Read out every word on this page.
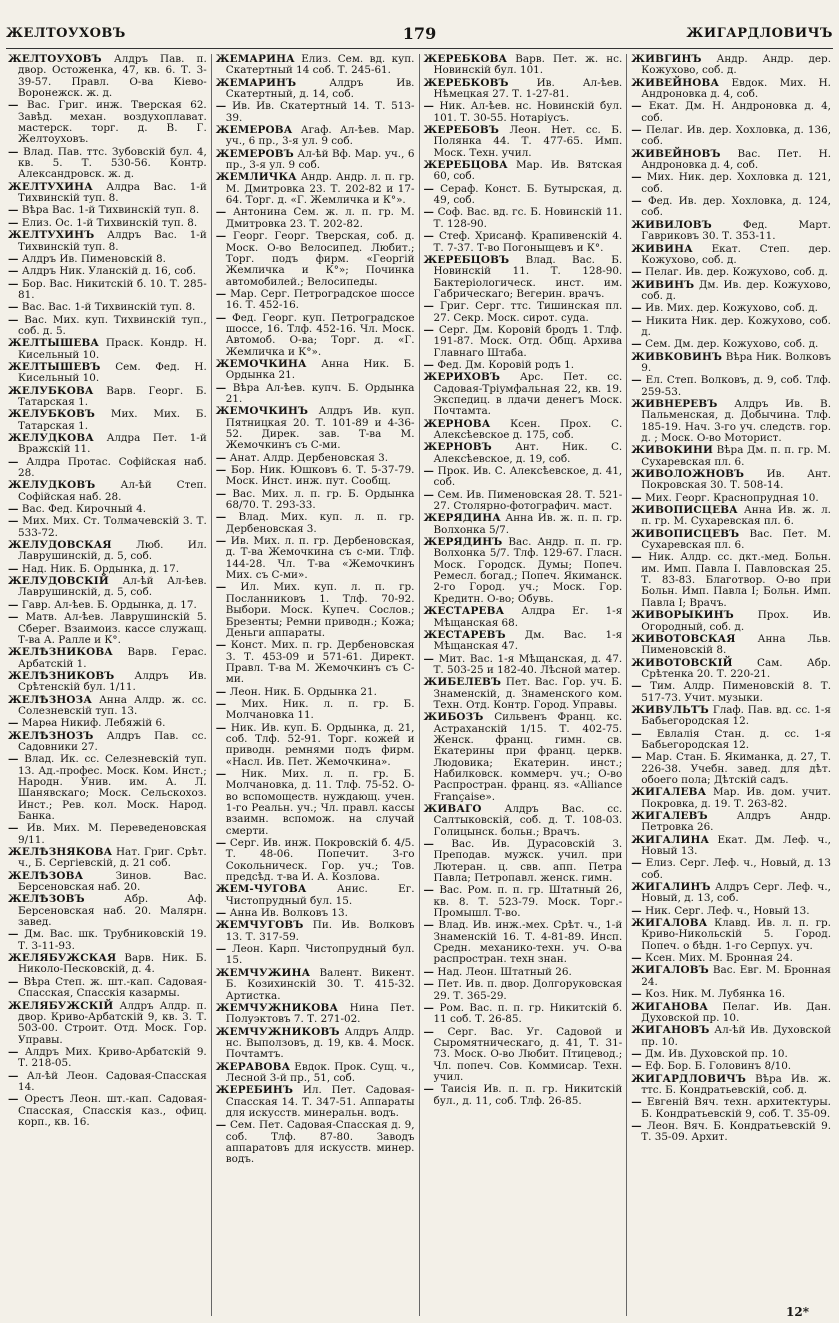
ЖЕЛТОУХОВЪ	179	ЖИГАРДЛОВИЧЪ
ЖЕЛТОУХОВЪ Алдръ Пав. п. двор. Остоженка, 47, кв. 6. Т. 3-39-57. Правл. О-ва Кіево-Воронежск. ж. д.
— Вас. Григ. инж. Тверская 62. Завѣд. механ. воздухоплават. мастерск. торг. д. В. Г. Желтоуховъ.
— Влад. Пав. ттс. Зубовскій бул. 4, кв. 5. Т. 530-56. Контр. Александровск. ж. д.
ЖЕЛТУХИНА Алдра Вас. 1-й Тихвинскій туп. 8.
— Вѣра Вас. 1-й Тихвинскій туп. 8.
— Елиз. Ос. 1-й Тихвинскій туп. 8.
ЖЕЛТУХИНЪ Алдръ Вас. 1-й Тихвинскій туп. 8.
— Алдръ Ив. Пименовскій 8.
— Алдръ Ник. Уланскій д. 16, соб.
— Бор. Вас. Никитскій б. 10. Т. 285-81.
— Вас. Вас. 1-й Тихвинскій туп. 8.
— Вас. Мих. куп. Тихвинскій туп., соб. д. 5.
ЖЕЛТЫШЕВА Праск. Кондр. Н. Кисельный 10.
ЖЕЛТЫШЕВЪ Сем. Фед. Н. Кисельный 10.
ЖЕЛУБКОВА Варв. Георг. Б. Татарская 1.
ЖЕЛУБКОВЪ Мих. Мих. Б. Татарская 1.
ЖЕЛУДКОВА Алдра Пет. 1-й Вражскій 11.
— Алдра Протас. Софійская наб. 28.
ЖЕЛУДКОВЪ Ал-ѣй Степ. Софійская наб. 28.
— Вас. Фед. Кирочный 4.
— Мих. Мих. Ст. Толмачевскій 3. Т. 533-72.
ЖЕЛУДОВСКАЯ Люб. Ил. Лаврушинскій, д. 5, соб.
— Над. Ник. Б. Ордынка, д. 17.
ЖЕЛУДОВСКІЙ Ал-ѣй Ал-ѣев. Лаврушинскій, д. 5, соб.
— Гавр. Ал-ѣев. Б. Ордынка, д. 17.
— Матв. Ал-ѣев. Лаврушинскій 5. Сберег. Взаимоиз. кассе служащ. Т-ва А. Ралле и К°.
ЖЕЛѢЗНИКОВА Варв. Герас. Арбатскій 1.
ЖЕЛѢЗНИКОВЪ Алдръ Ив. Срѣтенскій бул. 1/11.
ЖЕЛѢЗНОЗА Анна Алдр. ж. сс. Солезневскій туп. 13.
— Марѳа Никиф. Лебяжій 6.
ЖЕЛѢЗНОЗЪ Алдръ Пав. сс. Садовники 27.
— Влад. Ик. сс. Селезневскій туп. 13. Ад.-профес. Моск. Ком. Инст.; Народн. Унив. им. А. Л. Шанявскаго; Моск. Сельскохоз. Инст.; Рев. кол. Моск. Народ. Банка.
— Ив. Мих. М. Переведеновская 9/11.
ЖЕЛѢЗНЯКОВА Нат. Григ. Срѣт. ч., Б. Сергіевскій, д. 21 соб.
ЖЕЛѢЗОВА	Зинов. Вас. Берсеновская наб. 20.
ЖЕЛѢЗОВЪ	Абр. Аф. Берсеновская наб. 20. Малярн. завед.
— Дм. Вас. шк. Трубниковскій 19. Т. 3-11-93.
ЖЕЛЯБУЖСКАЯ Варв. Ник. Б. Николо-Песковскій, д. 4.
— Вѣра Степ. ж. шт.-кап. Садовая-Спасская, Спасскія казармы.
ЖЕЛЯБУЖСКІЙ Алдръ Алдр. п. двор. Криво-Арбатскій 9, кв. 3. Т. 503-00. Строит. Отд. Моск. Гор. Управы.
— Алдръ Мих. Криво-Арбатскій 9. Т. 218-05.
— Ал-ѣй Леон. Садовая-Спасская 14.
— Орестъ Леон. шт.-кап. Садовая-Спасская, Спасскія каз., офиц. корп., кв. 16.
ЖЕМАРИНА Елиз. Сем. вд. куп. Скатертный 14 соб. Т. 245-61.
ЖЕМАРИНЪ	Алдръ Ив. Скатертный, д. 14, соб.
— Ив. Ив. Скатертный 14. Т. 513-39.
ЖЕМЕРОВА Агаф. Ал-ѣев. Мар. уч., 6 пр., 3-я ул. 9 соб.
ЖЕМЕРОВЪ Ал-ѣй Вф. Мар. уч., 6 пр., 3-я ул. 9 соб.
ЖЕМЛИЧКА Андр. Андр. л. п. гр. М. Дмитровка 23. Т. 202-82 и 17-64. Торг. д. «Г. Жемличка и К°».
— Антонина Сем. ж. л. п. гр. М. Дмитровка 23. Т. 202-82.
— Георг. Георг. Тверская, соб. д. Моск. О-во Велосипед. Любит.; Торг. подъ фирм. «Георгій Жемличка и К°»; Починка автомобилей.; Велосипеды.
— Мар. Серг. Петроградское шоссе 16. Т. 452-16.
— Фед. Георг. куп. Петроградское шоссе, 16. Тлф. 452-16. Чл. Моск. Автомоб. О-ва; Торг. д. «Г. Жемличка и К°».
ЖЕМОЧКИНА Анна Ник. Б. Ордынка 21.
— Вѣра Ал-ѣев. купч. Б. Ордынка 21.
ЖЕМОЧКИНЪ Алдръ Ив. куп. Пятницкая 20. Т. 101-89 и 4-36-52. Дирек. зав. Т-ва М. Жемочкинъ съ С-ми.
— Анат. Алдр. Дербеновская 3.
— Бор. Ник. Юшковъ 6. Т. 5-37-79. Моск. Инст. инж. пут. Сообщ.
— Вас. Мих. л. п. гр. Б. Ордынка 68/70. Т. 293-33.
— Влад. Мих. куп. л. п. гр. Дербеновская 3.
— Ив. Мих. л. п. гр. Дербеновская, д. Т-ва Жемочкина съ с-ми. Тлф. 144-28. Чл. Т-ва «Жемочкинъ Мих. съ С-ми».
— Ил. Мих. куп. л. п. гр. Посланниковъ 1. Тлф. 70-92. Выбори. Моск. Купеч. Сослов.; Брезенты; Ремни приводн.; Кожа; Деньги аппараты.
— Конст. Мих. п. гр. Дербеновская 3. Т. 453-09 и 571-61. Директ. Правл. Т-ва М. Жемочкинъ съ С-ми.
— Леон. Ник. Б. Ордынка 21.
— Мих. Ник. л. п. гр. Б. Молчановка 11.
— Ник. Ив. куп. Б. Ордынка, д. 21, соб. Тлф. 52-91. Торг. кожей и приводн. ремнями подъ фирм. «Насл. Ив. Пет. Жемочкина».
— Ник. Мих. л. п. гр. Б. Молчановка, д. 11. Тлф. 75-52. О-во вспомоществ. нуждающ. учен. 1-го Реальн. уч.; Чл. правл. кассы взаимн. вспомож. на случай смерти.
— Серг. Ив. инж. Покровскій б. 4/5. Т. 48-06. Попечит. 3-го Сокольническ. Гор. уч.; Тов. предсѣд. т-ва И. А. Козлова.
ЖЕМ-ЧУГОВА	Анис. Ег. Чистопрудный бул. 15.
— Анна Ив. Волковъ 13.
ЖЕМЧУГОВЪ Пи. Ив. Волковъ 13. Т. 317-59.
— Леон. Карп. Чистопрудный бул. 15.
ЖЕМЧУЖИНА Валент. Викент. Б. Козихинскій 30. Т. 415-32. Артистка.
ЖЕМЧУЖНИКОВА Нина Пет. Полуэктовъ 7. Т. 271-02.
ЖЕМЧУЖНИКОВЪ Алдръ Алдр. нс. Выползовъ, д. 19, кв. 4. Моск. Почтамтъ.
ЖЕРАВОВА Евдок. Прок. Сущ. ч., Лесной 3-й пр., 51, соб.
ЖЕРЕБИНЪ Ил. Пет. Садовая-Спасская 14. Т. 347-51. Аппараты для искусств. минеральн. водъ.
— Сем. Пет. Садовая-Спасская д. 9, соб. Тлф. 87-80. Заводъ аппаратовъ для искусств. минер. водъ.
ЖЕРЕБКОВА Варв. Пет. ж. нс. Новинскій бул. 101.
ЖЕРЕБКОВЪ	Ив. Ал-ѣев. Нѣмецкая 27. Т. 1-27-81.
— Ник. Ал-ѣев. нс. Новинскій бул. 101. Т. 30-55. Нотаріусъ.
ЖЕРЕБОВЪ Леон. Нет. сс. Б. Полянка 44. Т. 477-65. Имп. Моск. Техн. учил.
ЖЕРЕБЦОВА Мар. Ив. Вятская 60, соб.
— Сераф. Конст. Б. Бутырская, д. 49, соб.
— Соф. Вас. вд. гс. Б. Новинскій 11. Т. 128-90.
— Стеф. Хрисанф. Крапивенскій 4. Т. 7-37. Т-во Погоныщевъ и К°.
ЖЕРЕБЦОВЪ Влад. Вас. Б. Новинскій 11. Т. 128-90. Бактеріологическ. инст. им. Габрическаго; Вегерин. врачъ.
— Григ. Серг. ттс. Тишинская пл. 27. Секр. Моск. сирот. суда.
— Серг. Дм. Коровій бродъ 1. Тлф. 191-87. Моск. Отд. Общ. Архива Главнаго Штаба.
— Фед. Дм. Коровій родъ 1.
ЖЕРИХОВЪ Арс. Пет. сс. Садовая-Тріумфальная 22, кв. 19. Экспедиц. в лдачи денегъ Моск. Почтамта.
ЖЕРНОВА Ксен. Прох. С. Алексѣевское д. 175, соб.
ЖЕРНОВЪ Ант. Ник. С. Алексѣевское, д. 19, соб.
— Прок. Ив. С. Алексѣевское, д. 41, соб.
— Сем. Ив. Пименовская 28. Т. 521-27. Столярно-фотографич. маст.
ЖЕРЯДИНА Анна Ив. ж. п. п. гр. Волхонка 5/7.
ЖЕРЯДИНЪ Вас. Андр. п. п. гр. Волхонка 5/7. Тлф. 129-67. Гласн. Моск. Городск. Думы; Попеч. Ремесл. богад.; Попеч. Якиманск. 2-го Город. уч.; Моск. Гор. Кредитн. О-во; Обувь.
ЖЕСТАРЕВА Алдра Ег. 1-я Мѣщанская 68.
ЖЕСТАРЕВЪ Дм. Вас. 1-я Мѣщанская 47.
— Мит. Вас. 1-я Мѣщанская, д. 47. Т. 503-25 и 182-40. Лѣсной матер.
ЖИБЕЛЕВЪ Пет. Вас. Гор. уч. Б. Знаменскій, д. Знаменского ком. Техн. Отд. Контр. Город. Управы.
ЖИБОЗЪ Сильвенъ Франц. кс. Астраханскій 1/15. Т. 402-75. Женск. франц. гимн. св. Екатерины при франц. церкв. Людовика; Екатерин. инст.; Набилковск. коммерч. уч.; О-во Распростран. франц. яз. «Alliance Française».
ЖИВАГО Алдръ Вас. сс. Салтыковскій, соб. д. Т. 108-03. Голицынск. больн.; Врачъ.
— Вас. Ив. Дурасовскій 3. Преподав. мужск. учил. при Лютеран. ц. свв. апп. Петра Павла; Петропавл. женск. гимн.
— Вас. Ром. п. п. гр. Штатный 26, кв. 8. Т. 523-79. Моск. Торг.-Промышл. Т-во.
— Влад. Ив. инж.-мех. Срѣт. ч., 1-й Знаменскій 16. Т. 4-81-89. Инсп. Средн. механико-техн. уч. О-ва распростран. техн знан.
— Над. Леон. Штатный 26.
— Пет. Ив. п. двор. Долгоруковская 29. Т. 365-29.
— Ром. Вас. п. п. гр. Никитскій б. 11 соб. Т. 26-85.
— Серг. Вас. Уг. Садовой и Сыромятническаго, д. 41, Т. 31-73. Моск. О-во Любит. Птицевод.; Чл. попеч. Сов. Коммисар. Техн. учил.
— Таисія Ив. п. п. гр. Никитскій бул., д. 11, соб. Тлф. 26-85.
ЖИВГИНЪ Андр. Андр. дер. Кожухово, соб. д.
ЖИВЕЙНОВА Евдок. Мих. Н. Андроновка д. 4, соб.
— Екат. Дм. Н. Андроновка д. 4, соб.
— Пелаг. Ив. дер. Хохловка, д. 136, соб.
ЖИВЕЙНОВЪ Вас. Пет. Н. Андроновка д. 4, соб.
— Мих. Ник. дер. Хохловка д. 121, соб.
— Фед. Ив. дер. Хохловка, д. 124, соб.
ЖИВИЛОВЪ	Фед. Март. Гавриковъ 30. Т. 353-11.
ЖИВИНА Екат. Степ. дер. Кожухово, соб. д.
— Пелаг. Ив. дер. Кожухово, соб. д.
ЖИВИНЪ Дм. Ив. дер. Кожухово, соб. д.
— Ив. Мих. дер. Кожухово, соб. д.
— Никита Ник. дер. Кожухово, соб. д.
— Сем. Дм. дер. Кожухово, соб. д.
ЖИВКОВИНЪ Вѣра Ник. Волковъ 9.
— Ел. Степ. Волковъ, д. 9, соб. Тлф. 259-53.
ЖИВНЕРЕВЪ Алдръ Ив. В. Пальменская, д. Добычина. Тлф. 185-19. Нач. 3-го уч. следств. гор. д. ; Моск. О-во Моторист.
ЖИВОКИНИ Вѣра Дм. п. п. гр. М. Сухаревская пл. 6.
ЖИВОЛОЖНОВЪ Ив. Ант. Покровская 30. Т. 508-14.
— Мих. Георг. Краснопрудная 10.
ЖИВОПИСЦЕВА Анна Ив. ж. л. п. гр. М. Сухаревская пл. 6.
ЖИВОПИСЦЕВЪ Вас. Пет. М. Сухаревская пл. 6.
— Ник. Алдр. сс. дкт.-мед. Больн. им. Имп. Павла I. Павловская 25. Т. 83-83. Благотвор. О-во при Больн. Имп. Павла I; Больн. Имп. Павла I; Врачъ.
ЖИВОРЫКИНЪ Прох. Ив. Огородный, соб. д.
ЖИВОТОВСКАЯ Анна Льв. Пименовскій 8.
ЖИВОТОВСКІЙ Сам. Абр. Срѣтенка 20. Т. 220-21.
— Тим. Алдр. Пименовскій 8. Т. 517-73. Учит. музыки.
ЖИВУЛЬТЪ Глаф. Пав. вд. сс. 1-я Бабьегородская 12.
— Евлалія Стан. д. сс. 1-я Бабьегородская 12.
— Мар. Стан. Б. Якиманка, д. 27, Т. 226-38. Учебн. завед. для дѣт. обоего пола; Дѣтскій садъ.
ЖИГАЛЕВА Мар. Ив. дом. учит. Покровка, д. 19. Т. 263-82.
ЖИГАЛЕВЪ	Алдръ Андр. Петровка 26.
ЖИГАЛИНА Екат. Дм. Леф. ч., Новый 13.
— Елиз. Серг. Леф. ч., Новый, д. 13 соб.
ЖИГАЛИНЪ Алдръ Серг. Леф. ч., Новый, д. 13, соб.
— Ник. Серг. Леф. ч., Новый 13.
ЖИГАЛОВА Клавд. Ив. л. п. гр. Криво-Никольскій 5. Город. Попеч. о бѣдн. 1-го Серпух. уч.
— Ксен. Мих. М. Бронная 24.
ЖИГАЛОВЪ Вас. Евг. М. Бронная 24.
— Коз. Ник. М. Лубянка 16.
ЖИГАНОВА Пелаг. Ив. Дан. Духовской пр. 10.
ЖИГАНОВЪ Ал-ѣй Ив. Духовской пр. 10.
— Дм. Ив. Духовской пр. 10.
— Еф. Бор. Б. Головинъ 8/10.
ЖИГАРДЛОВИЧЪ Вѣра Ив. ж. ттс. Б. Кондратьевскій, соб. д.
— Евгеній Вяч. техн. архитектуры. Б. Кондратьевскій 9, соб. Т. 35-09.
— Леон. Вяч. Б. Кондратьевскій 9. Т. 35-09. Архит.
12*
